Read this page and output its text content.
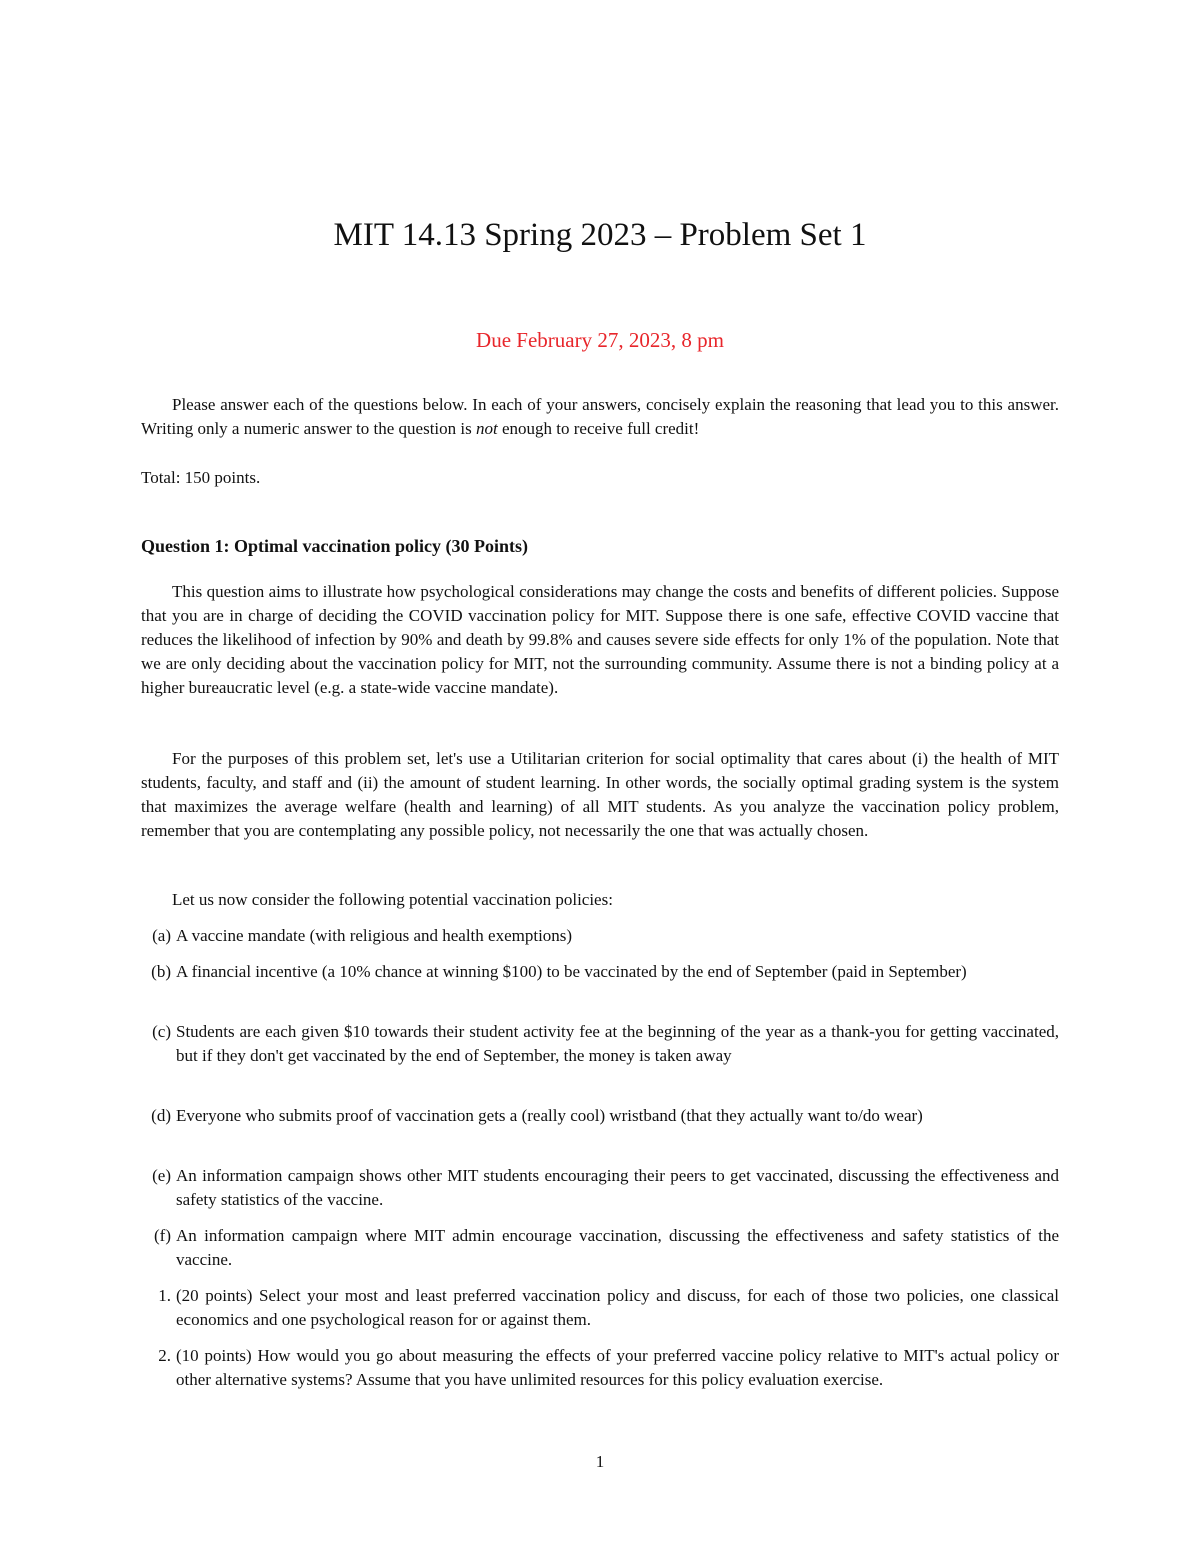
MIT 14.13 Spring 2023 – Problem Set 1
Due February 27, 2023, 8 pm
Please answer each of the questions below. In each of your answers, concisely explain the reasoning that lead you to this answer. Writing only a numeric answer to the question is not enough to receive full credit!
Total: 150 points.
Question 1: Optimal vaccination policy (30 Points)
This question aims to illustrate how psychological considerations may change the costs and benefits of different policies. Suppose that you are in charge of deciding the COVID vaccination policy for MIT. Suppose there is one safe, effective COVID vaccine that reduces the likelihood of infection by 90% and death by 99.8% and causes severe side effects for only 1% of the population. Note that we are only deciding about the vaccination policy for MIT, not the surrounding community. Assume there is not a binding policy at a higher bureaucratic level (e.g. a state-wide vaccine mandate).
For the purposes of this problem set, let's use a Utilitarian criterion for social optimality that cares about (i) the health of MIT students, faculty, and staff and (ii) the amount of student learning. In other words, the socially optimal grading system is the system that maximizes the average welfare (health and learning) of all MIT students. As you analyze the vaccination policy problem, remember that you are contemplating any possible policy, not necessarily the one that was actually chosen.
Let us now consider the following potential vaccination policies:
(a) A vaccine mandate (with religious and health exemptions)
(b) A financial incentive (a 10% chance at winning $100) to be vaccinated by the end of September (paid in September)
(c) Students are each given $10 towards their student activity fee at the beginning of the year as a thank-you for getting vaccinated, but if they don't get vaccinated by the end of September, the money is taken away
(d) Everyone who submits proof of vaccination gets a (really cool) wristband (that they actually want to/do wear)
(e) An information campaign shows other MIT students encouraging their peers to get vaccinated, discussing the effectiveness and safety statistics of the vaccine.
(f) An information campaign where MIT admin encourage vaccination, discussing the effectiveness and safety statistics of the vaccine.
1. (20 points) Select your most and least preferred vaccination policy and discuss, for each of those two policies, one classical economics and one psychological reason for or against them.
2. (10 points) How would you go about measuring the effects of your preferred vaccine policy relative to MIT's actual policy or other alternative systems? Assume that you have unlimited resources for this policy evaluation exercise.
1
